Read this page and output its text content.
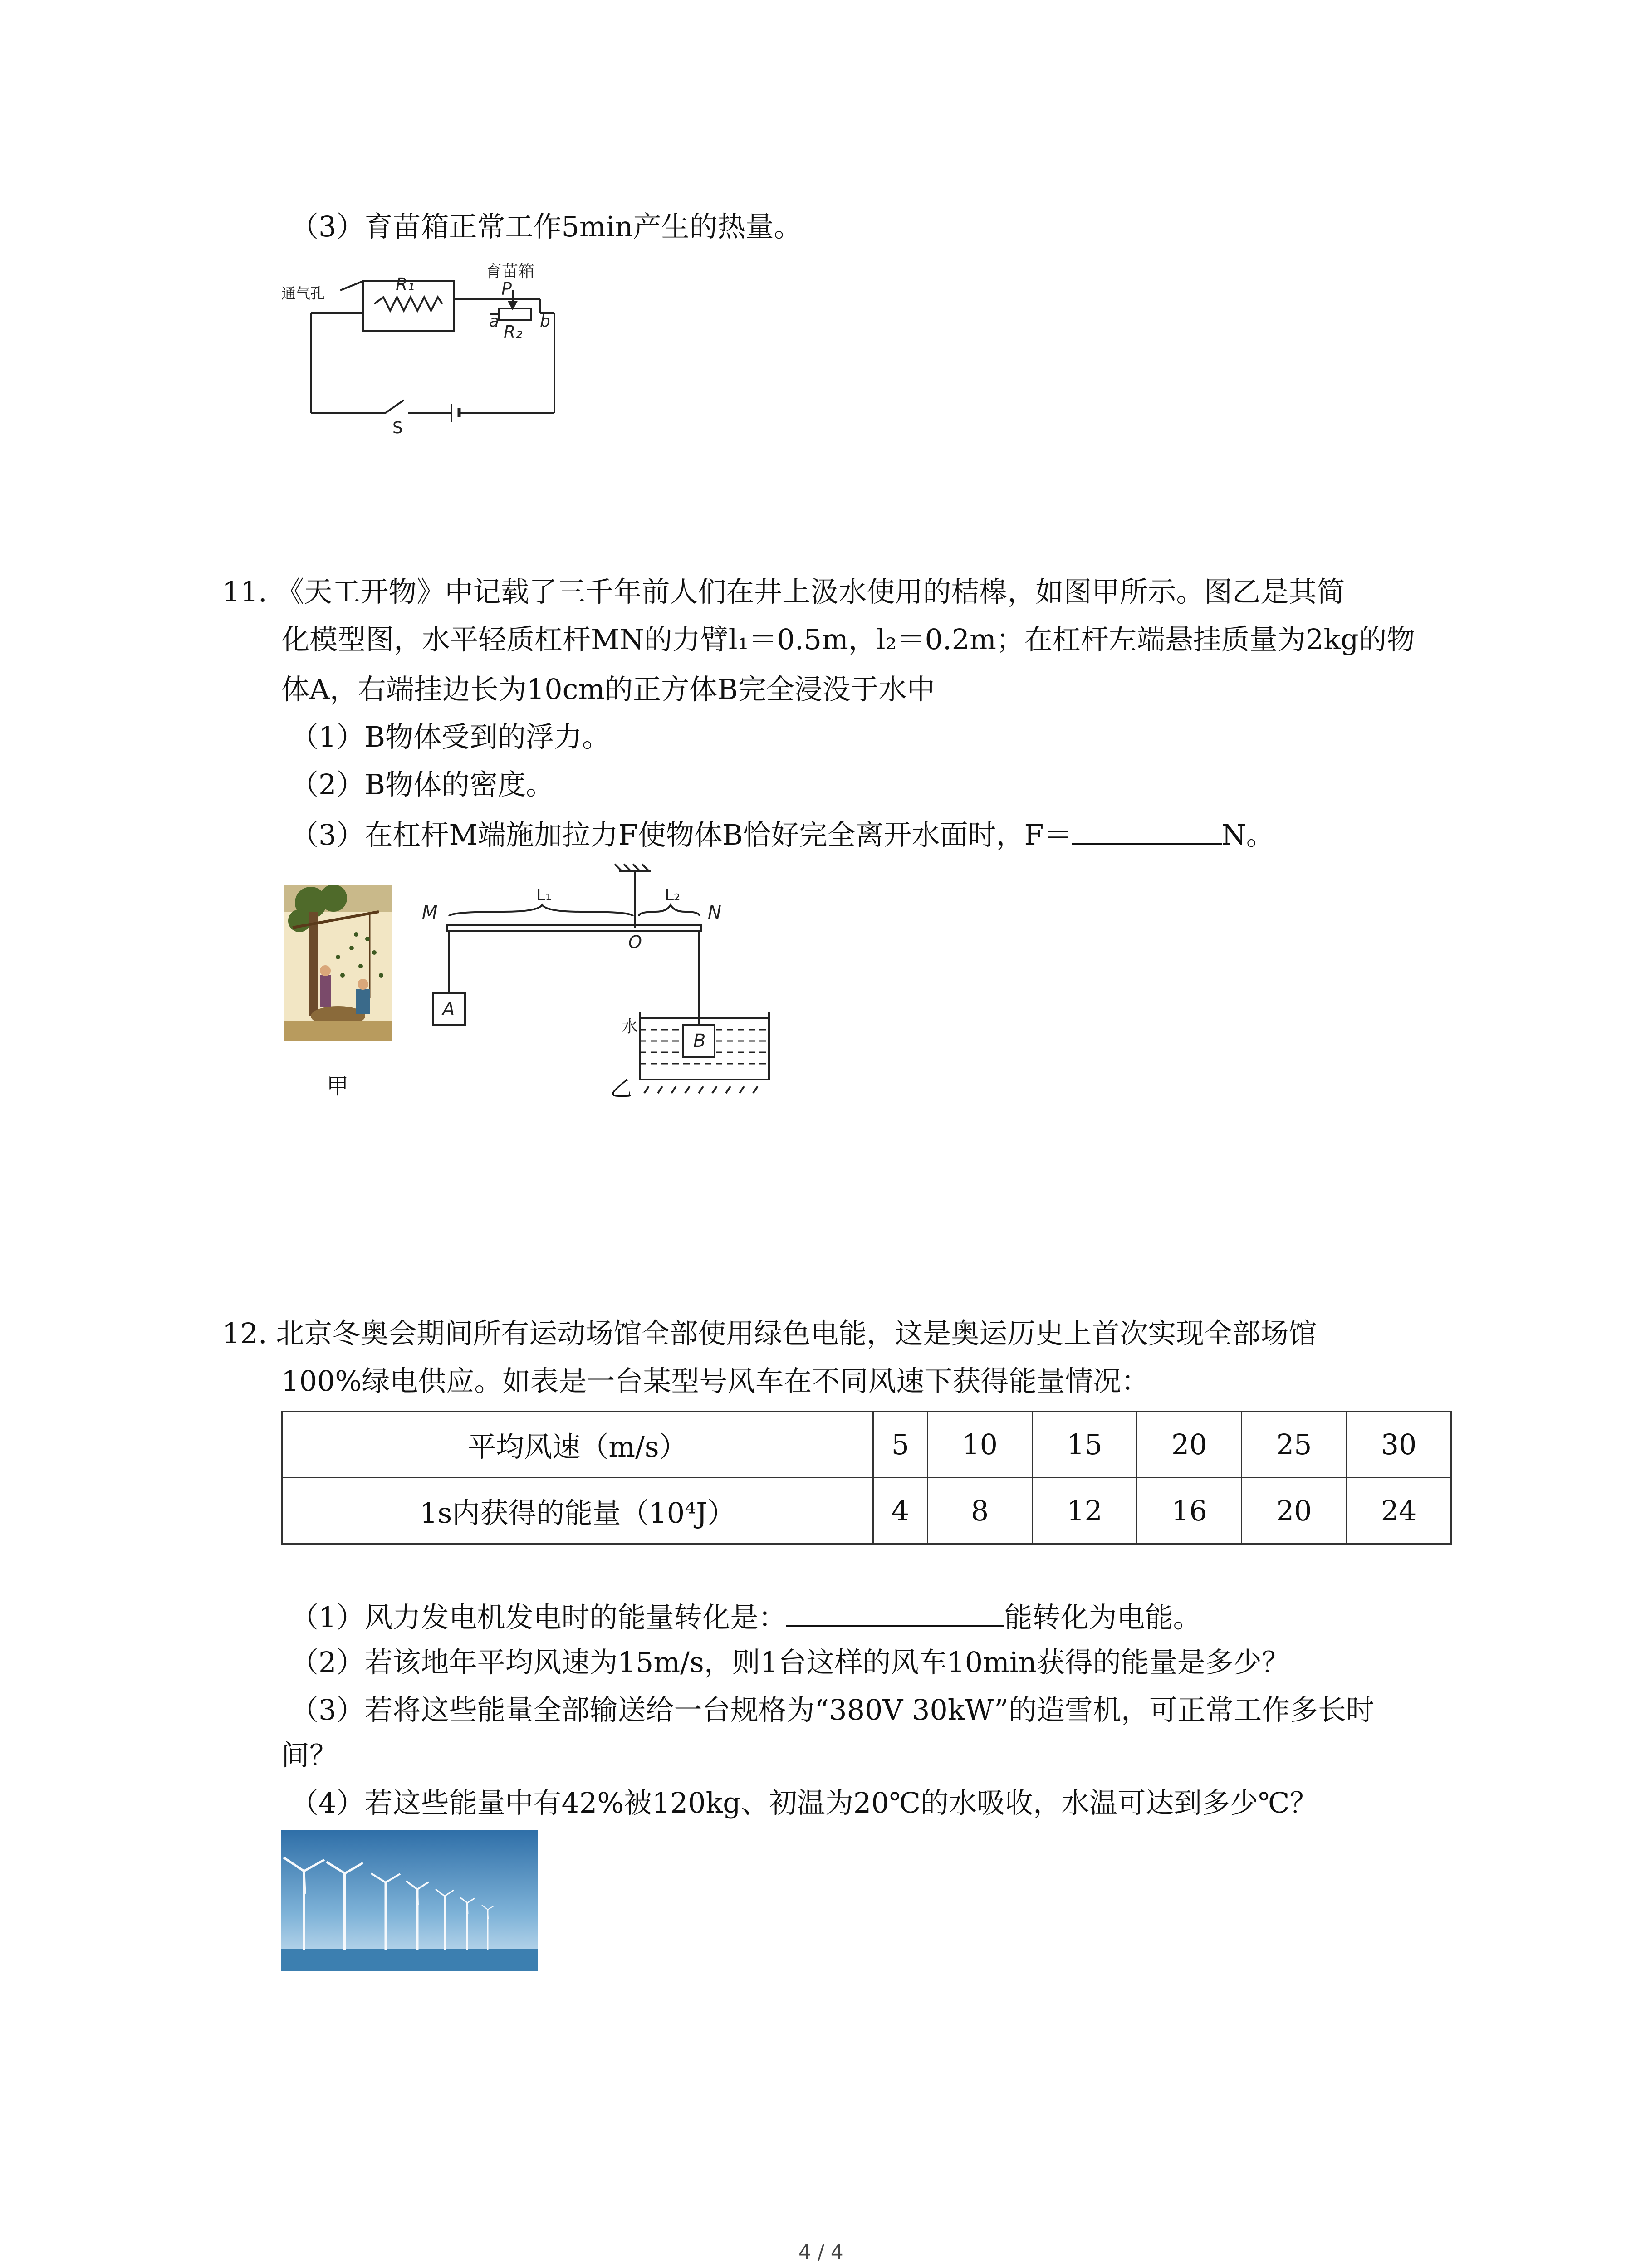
（3）育苗箱正常工作5min产生的热量。
育苗箱
通气孔	R₁	P
a
R₂
b
S
11. 《天工开物》中记载了三千年前人们在井上汲水使用的桔槔，如图甲所示。图乙是其简
化模型图，水平轻质杠杆MN的力臂l₁＝0.5m，l₂＝0.2m；在杠杆左端悬挂质量为2kg的物
体A，右端挂边长为10cm的正方体B完全浸没于水中
（1）B物体受到的浮力。
（2）B物体的密度。
（3）在杠杆M端施加拉力F使物体B恰好完全离开水面时，F＝	N。
M
L₁
O
L₂
N
A
水
B
甲	乙
12. 北京冬奥会期间所有运动场馆全部使用绿色电能，这是奥运历史上首次实现全部场馆
100%绿电供应。如表是一台某型号风车在不同风速下获得能量情况：
平均风速（m/s）	5	10	15	20	25	30
1s内获得的能量（10⁴J）	4	8	12	16	20	24
（1）风力发电机发电时的能量转化是：	能转化为电能。
（2）若该地年平均风速为15m/s，则1台这样的风车10min获得的能量是多少？
（3）若将这些能量全部输送给一台规格为“380V 30kW”的造雪机，可正常工作多长时
间？
（4）若这些能量中有42%被120kg、初温为20℃的水吸收，水温可达到多少℃？
4 / 4
